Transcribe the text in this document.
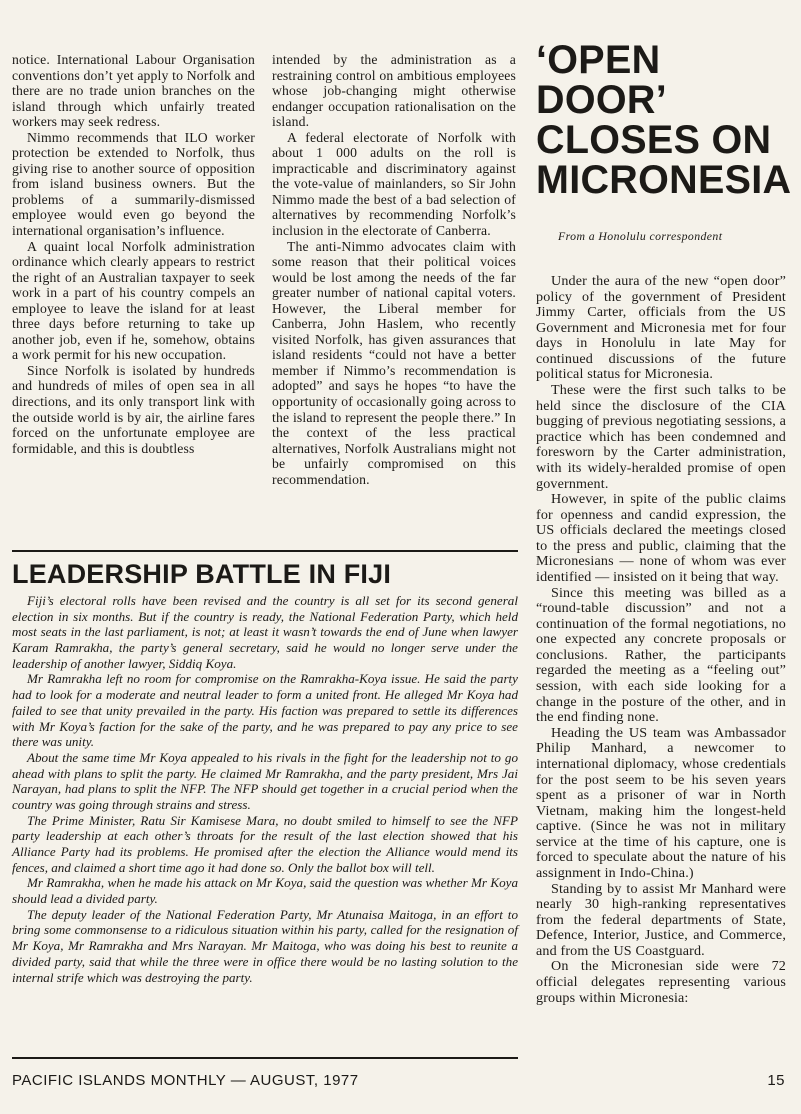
notice. International Labour Organisation conventions don’t yet apply to Norfolk and there are no trade union branches on the island through which unfairly treated workers may seek redress.

Nimmo recommends that ILO worker protection be extended to Norfolk, thus giving rise to another source of opposition from island business owners. But the problems of a summarily-dismissed employee would even go beyond the international organisation’s influence.

A quaint local Norfolk administration ordinance which clearly appears to restrict the right of an Australian taxpayer to seek work in a part of his country compels an employee to leave the island for at least three days before returning to take up another job, even if he, somehow, obtains a work permit for his new occupation.

Since Norfolk is isolated by hundreds and hundreds of miles of open sea in all directions, and its only transport link with the outside world is by air, the airline fares forced on the unfortunate employee are formidable, and this is doubtless

intended by the administration as a restraining control on ambitious employees whose job-changing might otherwise endanger occupation rationalisation on the island.

A federal electorate of Norfolk with about 1 000 adults on the roll is impracticable and discriminatory against the vote-value of mainlanders, so Sir John Nimmo made the best of a bad selection of alternatives by recommending Norfolk’s inclusion in the electorate of Canberra.

The anti-Nimmo advocates claim with some reason that their political voices would be lost among the needs of the far greater number of national capital voters. However, the Liberal member for Canberra, John Haslem, who recently visited Norfolk, has given assurances that island residents “could not have a better member if Nimmo’s recommendation is adopted” and says he hopes “to have the opportunity of occasionally going across to the island to represent the people there.” In the context of the less practical alternatives, Norfolk Australians might not be unfairly compromised on this recommendation.

‘OPEN DOOR’
CLOSES ON
MICRONESIA
From a Honolulu correspondent

Under the aura of the new “open door” policy of the government of President Jimmy Carter, officials from the US Government and Micronesia met for four days in Honolulu in late May for continued discussions of the future political status for Micronesia.

These were the first such talks to be held since the disclosure of the CIA bugging of previous negotiating sessions, a practice which has been condemned and foresworn by the Carter administration, with its widely-heralded promise of open government.

However, in spite of the public claims for openness and candid expression, the US officials declared the meetings closed to the press and public, claiming that the Micronesians — none of whom was ever identified — insisted on it being that way.

Since this meeting was billed as a “round-table discussion” and not a continuation of the formal negotiations, no one expected any concrete proposals or conclusions. Rather, the participants regarded the meeting as a “feeling out” session, with each side looking for a change in the posture of the other, and in the end finding none.

Heading the US team was Ambassador Philip Manhard, a newcomer to international diplomacy, whose credentials for the post seem to be his seven years spent as a prisoner of war in North Vietnam, making him the longest-held captive. (Since he was not in military service at the time of his capture, one is forced to speculate about the nature of his assignment in Indo-China.)

Standing by to assist Mr Manhard were nearly 30 high-ranking representatives from the federal departments of State, Defence, Interior, Justice, and Commerce, and from the US Coastguard.

On the Micronesian side were 72 official delegates representing various groups within Micronesia:

LEADERSHIP BATTLE IN FIJI

Fiji’s electoral rolls have been revised and the country is all set for its second general election in six months. But if the country is ready, the National Federation Party, which held most seats in the last parliament, is not; at least it wasn’t towards the end of June when lawyer Karam Ramrakha, the party’s general secretary, said he would no longer serve under the leadership of another lawyer, Siddiq Koya.

Mr Ramrakha left no room for compromise on the Ramrakha-Koya issue. He said the party had to look for a moderate and neutral leader to form a united front. He alleged Mr Koya had failed to see that unity prevailed in the party. His faction was prepared to settle its differences with Mr Koya’s faction for the sake of the party, and he was prepared to pay any price to see there was unity.

About the same time Mr Koya appealed to his rivals in the fight for the leadership not to go ahead with plans to split the party. He claimed Mr Ramrakha, and the party president, Mrs Jai Narayan, had plans to split the NFP. The NFP should get together in a crucial period when the country was going through strains and stress.

The Prime Minister, Ratu Sir Kamisese Mara, no doubt smiled to himself to see the NFP party leadership at each other’s throats for the result of the last election showed that his Alliance Party had its problems. He promised after the election the Alliance would mend its fences, and claimed a short time ago it had done so. Only the ballot box will tell.

Mr Ramrakha, when he made his attack on Mr Koya, said the question was whether Mr Koya should lead a divided party.

The deputy leader of the National Federation Party, Mr Atunaisa Maitoga, in an effort to bring some commonsense to a ridiculous situation within his party, called for the resignation of Mr Koya, Mr Ramrakha and Mrs Narayan. Mr Maitoga, who was doing his best to reunite a divided party, said that while the three were in office there would be no lasting solution to the internal strife which was destroying the party.

PACIFIC ISLANDS MONTHLY — AUGUST, 1977	15
